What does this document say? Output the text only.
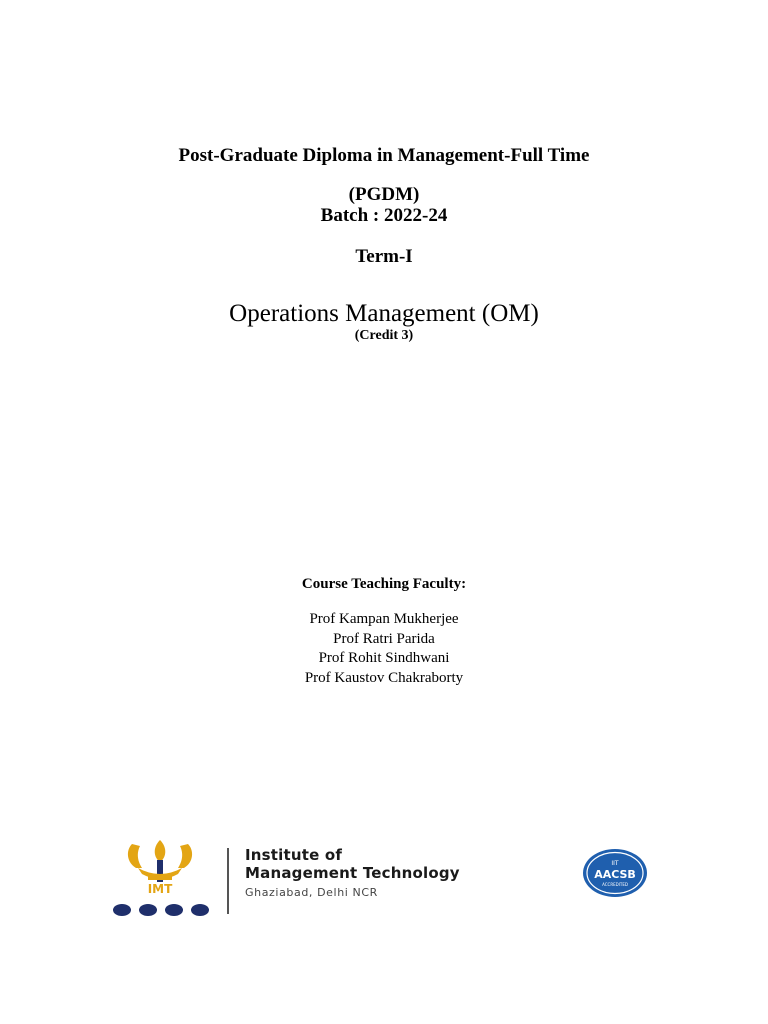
Post-Graduate Diploma in Management-Full Time
(PGDM)
Batch : 2022-24
Term-I
Operations Management (OM)
(Credit 3)
Course Teaching Faculty:
Prof Kampan Mukherjee
Prof Ratri Parida
Prof Rohit Sindhwani
Prof Kaustov Chakraborty
IMT
Institute of
Management Technology
Ghaziabad, Delhi NCR
IIT
AACSB
ACCREDITED
